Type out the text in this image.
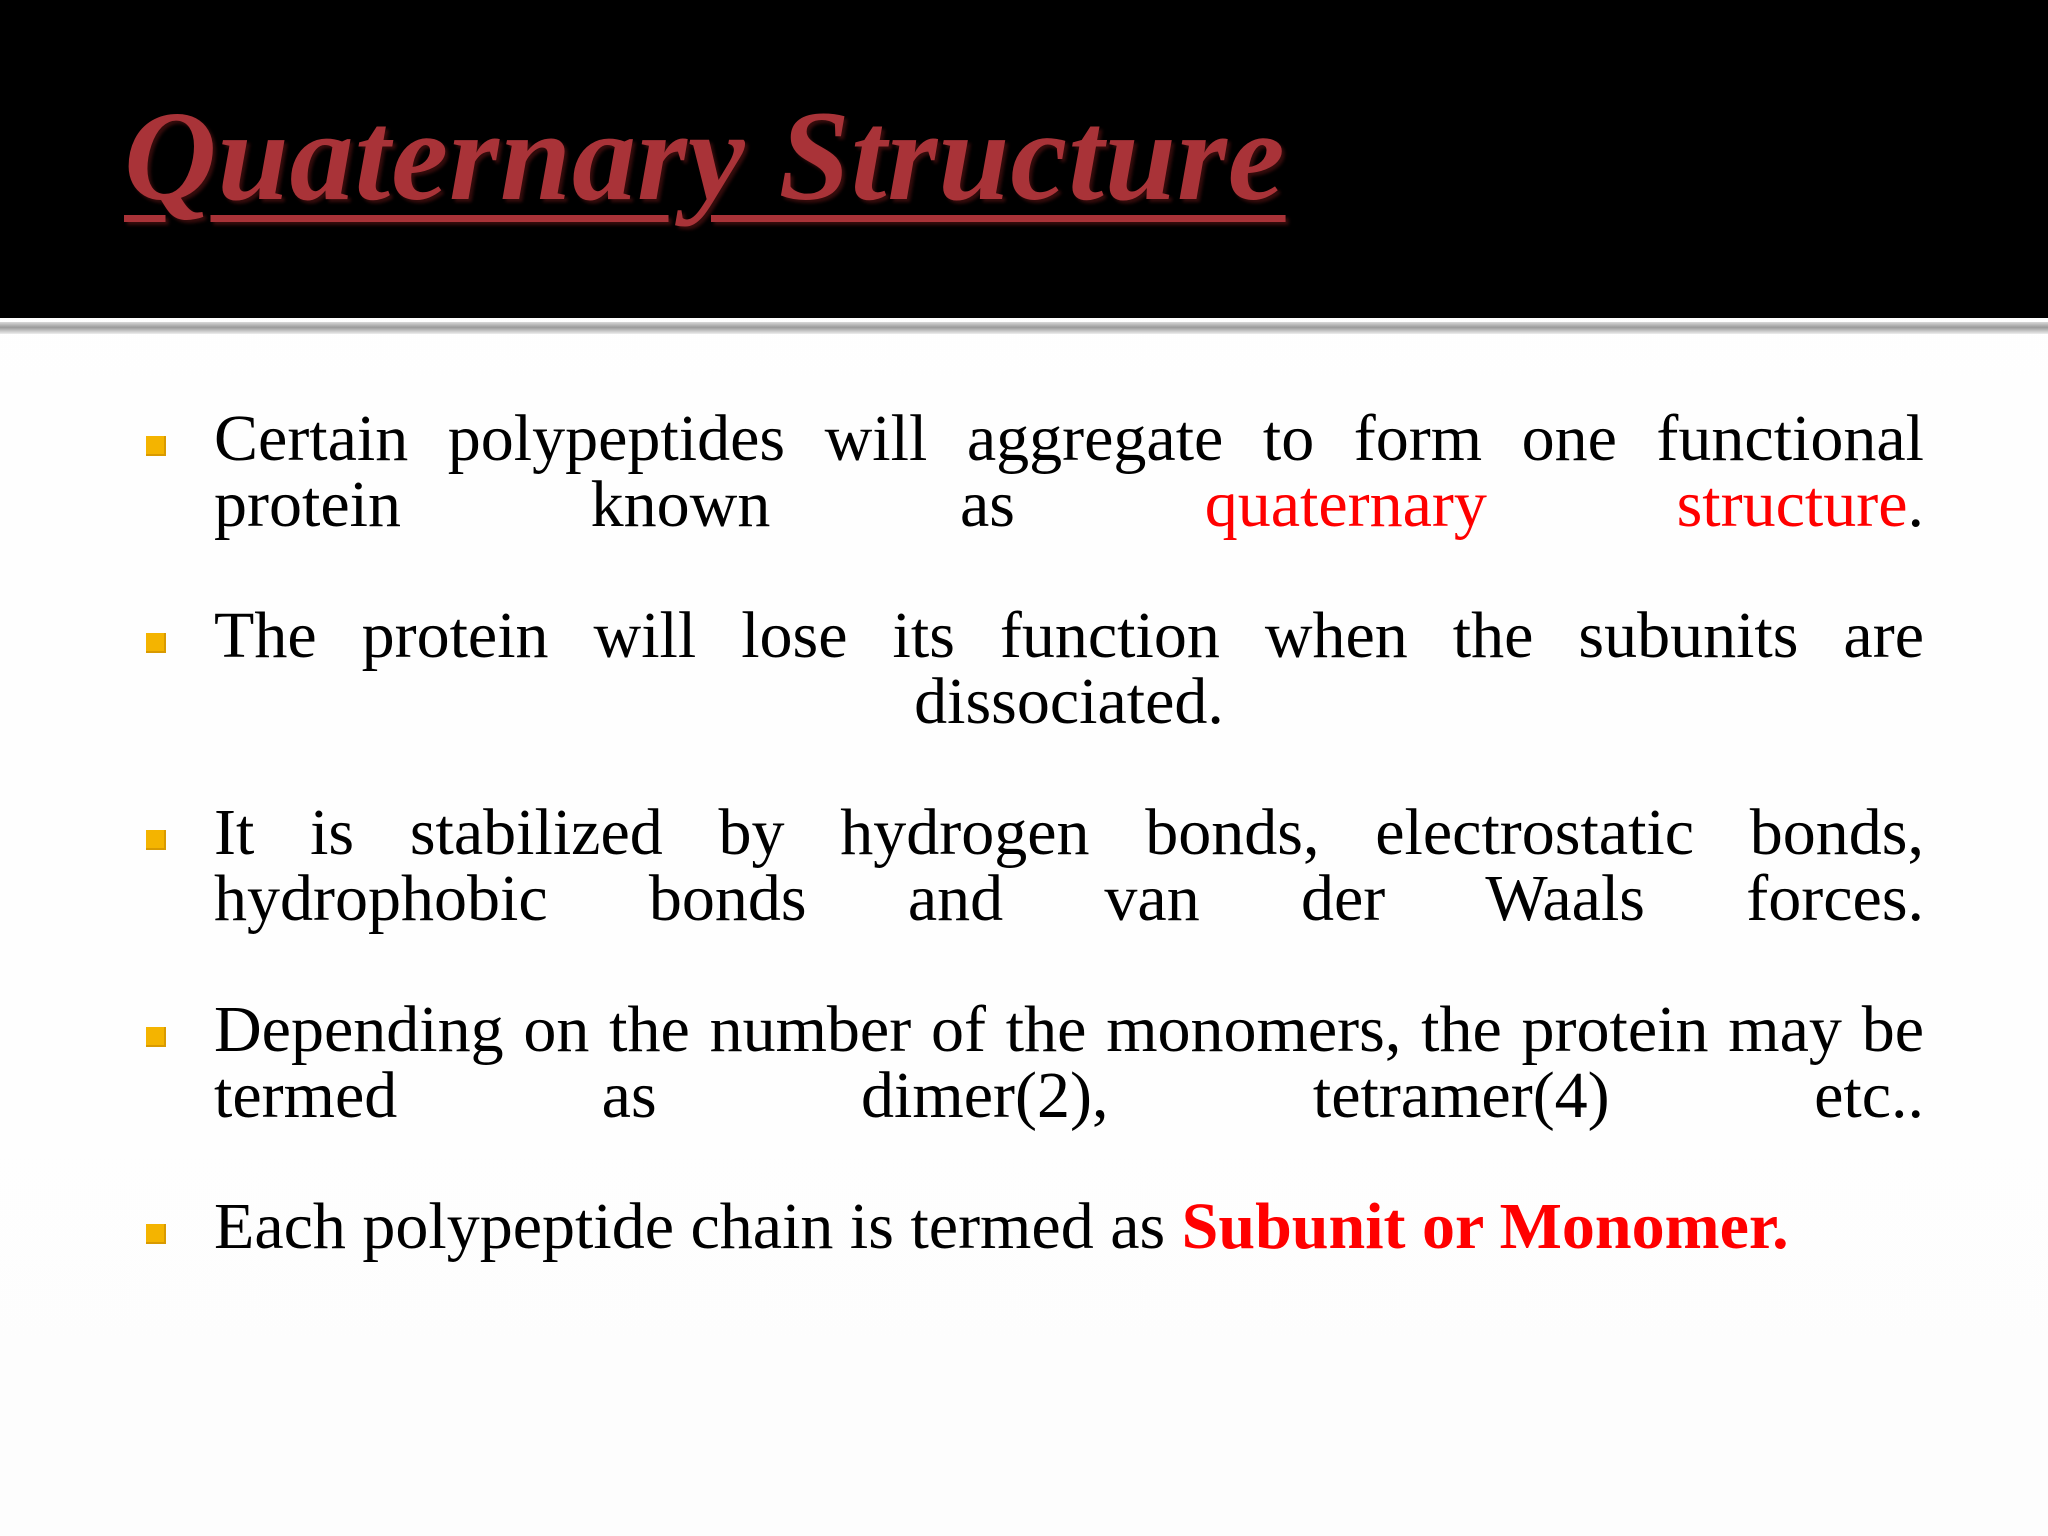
Quaternary Structure
Certain polypeptides will aggregate to form one functional protein known as quaternary	structure.
The protein will lose its function when the subunits are dissociated.
It is stabilized by hydrogen bonds, electrostatic bonds, hydrophobic bonds and van der Waals forces.
Depending on the number of the monomers, the protein may be termed as dimer(2), tetramer(4) etc..
Each polypeptide chain is termed as Subunit or Monomer.
